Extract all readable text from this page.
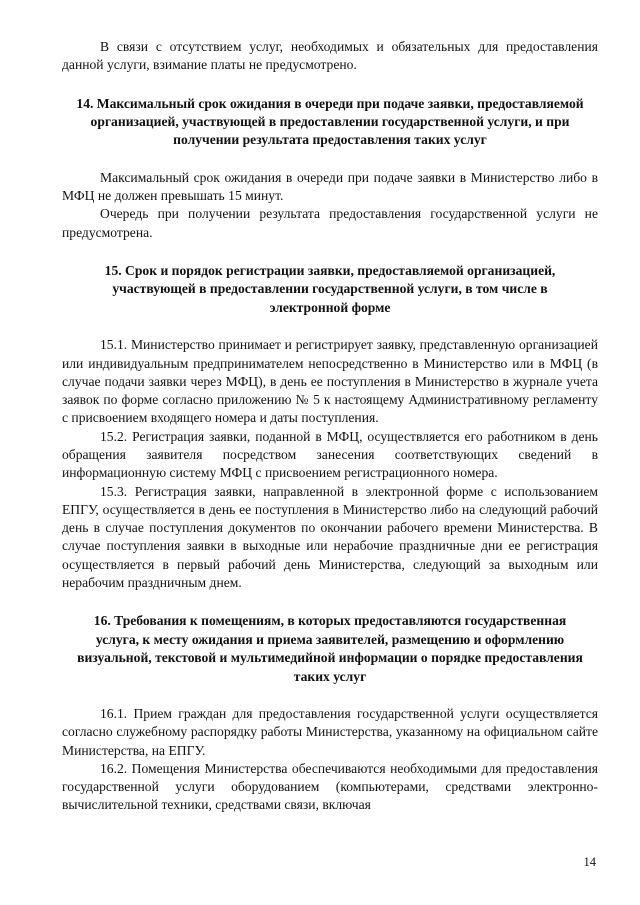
В связи с отсутствием услуг, необходимых и обязательных для предоставления данной услуги, взимание платы не предусмотрено.

14. Максимальный срок ожидания в очереди при подаче заявки, предоставляемой организацией, участвующей в предоставлении государственной услуги, и при получении результата предоставления таких услуг

Максимальный срок ожидания в очереди при подаче заявки в Министерство либо в МФЦ не должен превышать 15 минут.

Очередь при получении результата предоставления государственной услуги не предусмотрена.

15. Срок и порядок регистрации заявки, предоставляемой организацией, участвующей в предоставлении государственной услуги, в том числе в электронной форме

15.1. Министерство принимает и регистрирует заявку, представленную организацией или индивидуальным предпринимателем непосредственно в Министерство или в МФЦ (в случае подачи заявки через МФЦ), в день ее поступления в Министерство в журнале учета заявок по форме согласно приложению № 5 к настоящему Административному регламенту с присвоением входящего номера и даты поступления.

15.2. Регистрация заявки, поданной в МФЦ, осуществляется его работником в день обращения заявителя посредством занесения соответствующих сведений в информационную систему МФЦ с присвоением регистрационного номера.

15.3. Регистрация заявки, направленной в электронной форме с использованием ЕПГУ, осуществляется в день ее поступления в Министерство либо на следующий рабочий день в случае поступления документов по окончании рабочего времени Министерства. В случае поступления заявки в выходные или нерабочие праздничные дни ее регистрация осуществляется в первый рабочий день Министерства, следующий за выходным или нерабочим праздничным днем.

16. Требования к помещениям, в которых предоставляются государственная услуга, к месту ожидания и приема заявителей, размещению и оформлению визуальной, текстовой и мультимедийной информации о порядке предоставления таких услуг

16.1. Прием граждан для предоставления государственной услуги осуществляется согласно служебному распорядку работы Министерства, указанному на официальном сайте Министерства, на ЕПГУ.

16.2. Помещения Министерства обеспечиваются необходимыми для предоставления государственной услуги оборудованием (компьютерами, средствами электронно-вычислительной техники, средствами связи, включая

14
